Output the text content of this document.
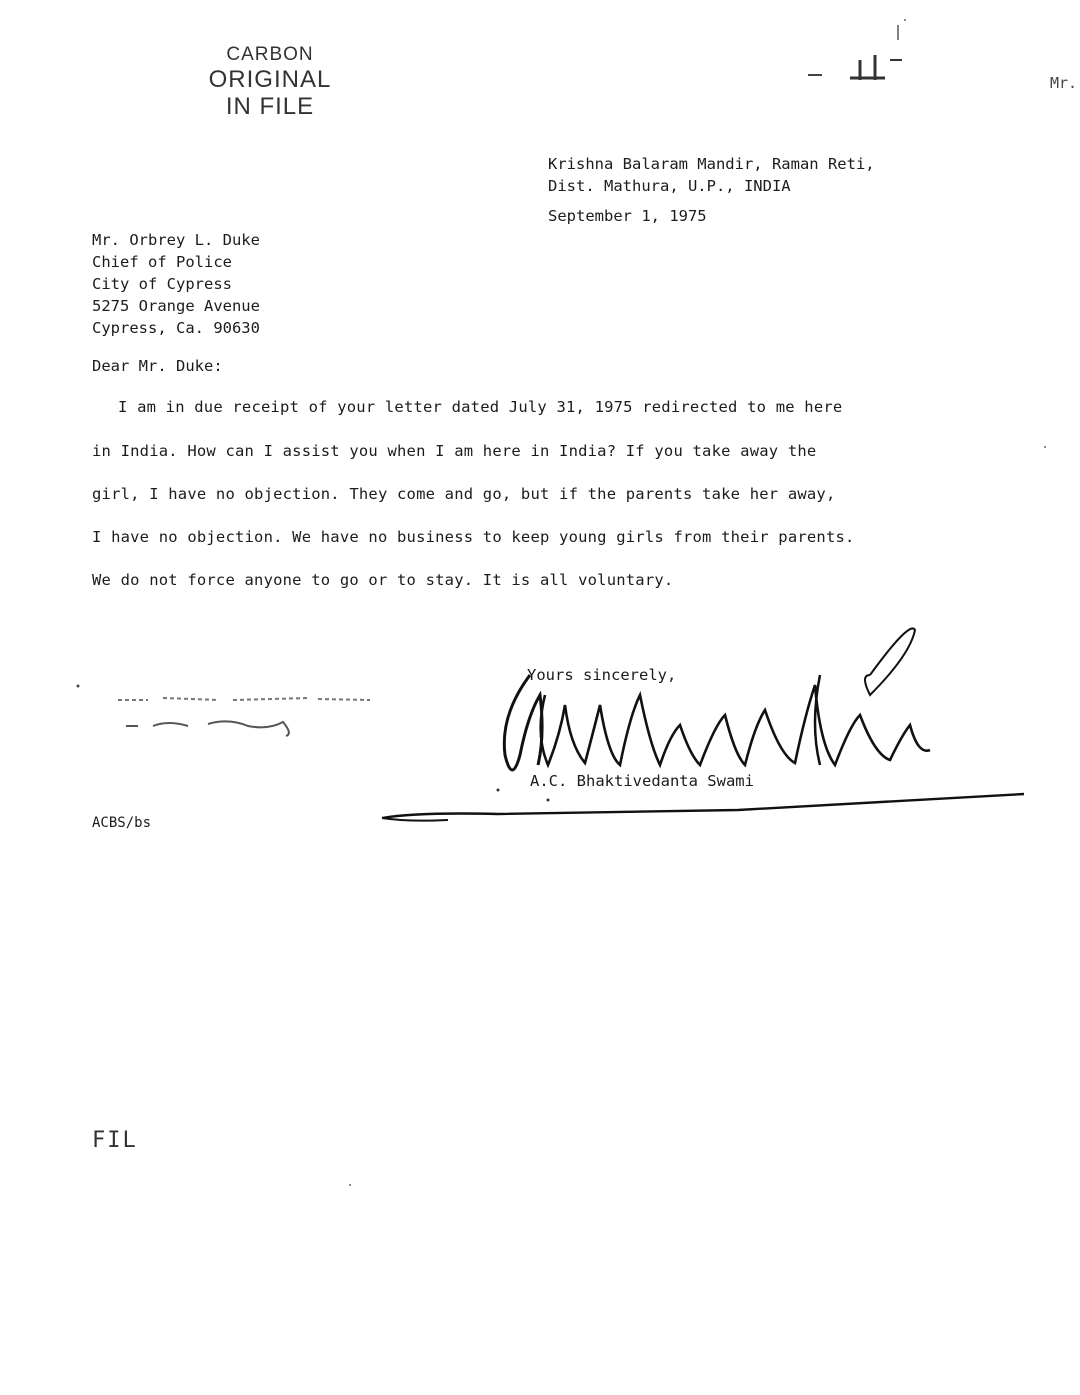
CARBON
ORIGINAL
IN FILE
Mr.
Krishna Balaram Mandir, Raman Reti,
Dist. Mathura, U.P., INDIA
September 1, 1975
Mr. Orbrey L. Duke
Chief of Police
City of Cypress
5275 Orange Avenue
Cypress, Ca. 90630
Dear Mr. Duke:
I am in due receipt of your letter dated July 31, 1975 redirected to me here
in India. How can I assist you when I am here in India? If you take away the
girl, I have no objection. They come and go, but if the parents take her away,
I have no objection. We have no business to keep young girls from their parents.
We do not force anyone to go or to stay. It is all voluntary.
Yours sincerely,
A.C. Bhaktivedanta Swami
ACBS/bs
FIL
